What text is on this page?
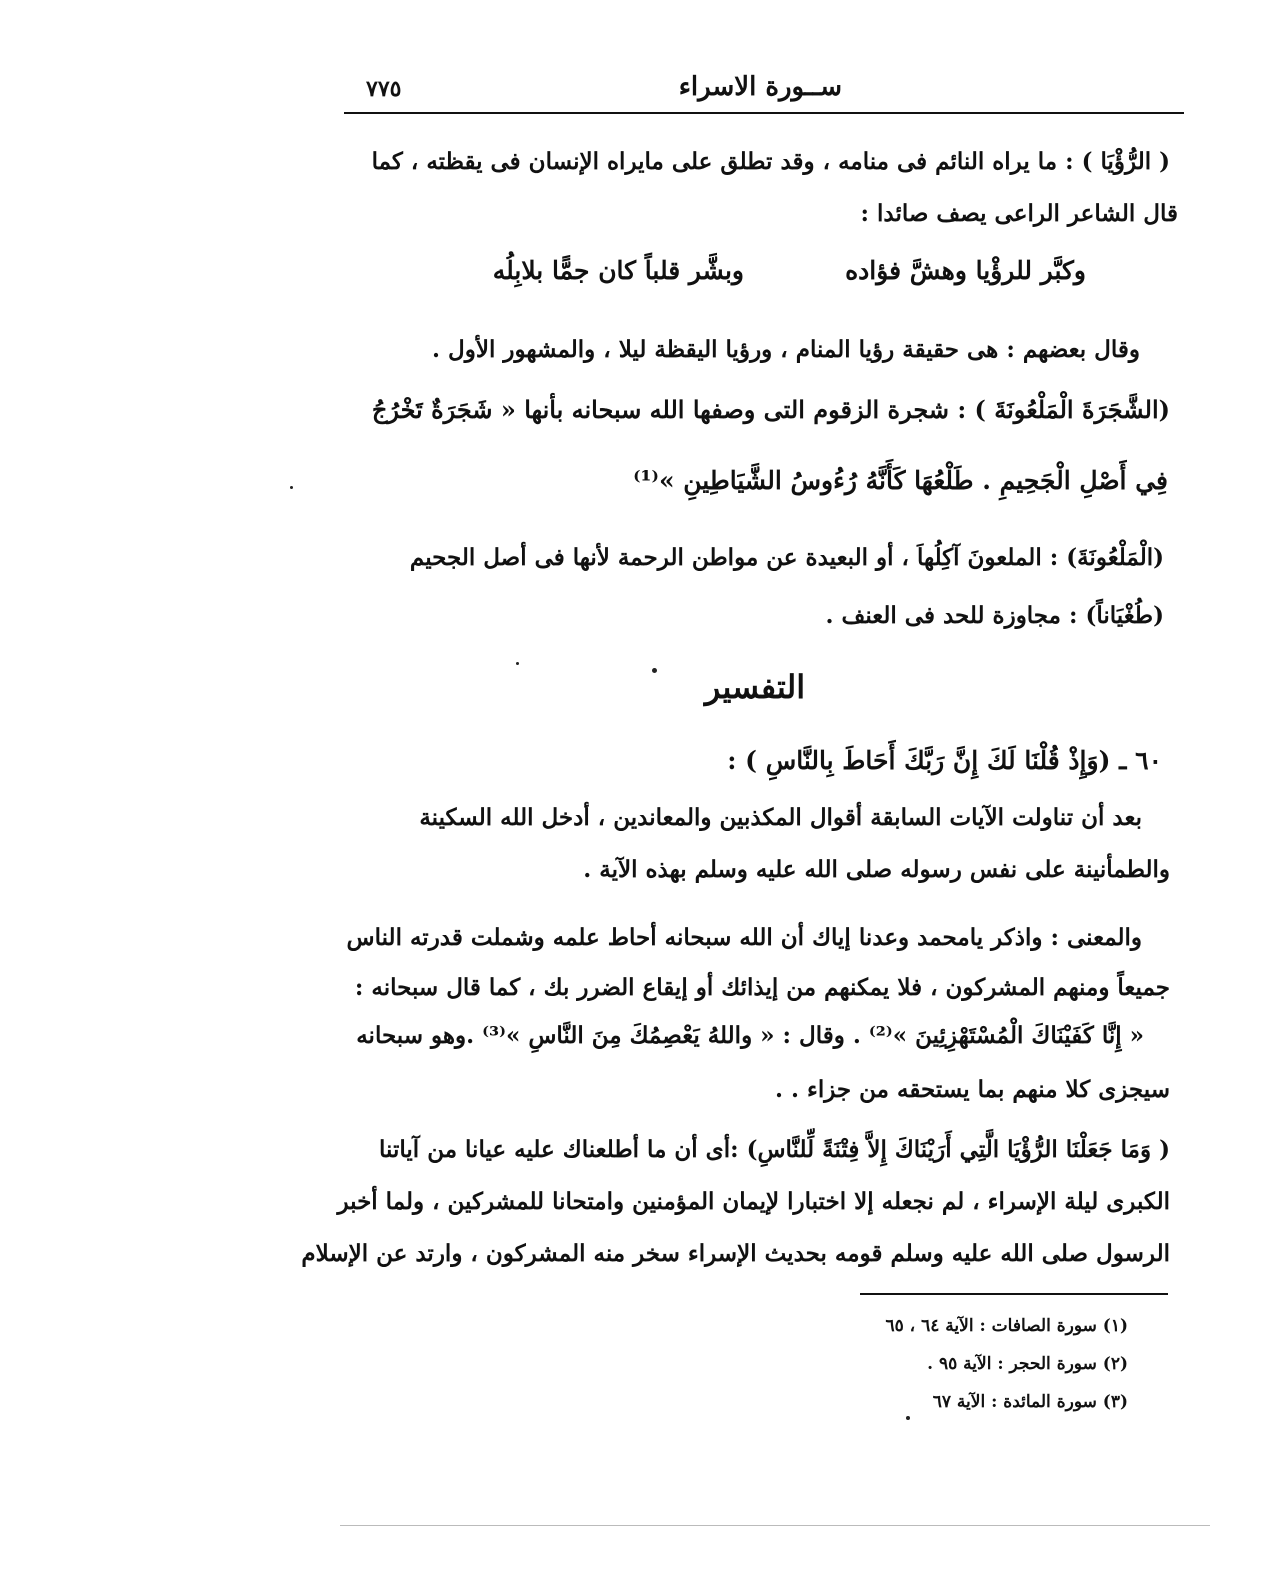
٧٧٥	ســورة الاسراء
( الرُّؤْيَا ) : ما يراه النائم فى منامه ، وقد تطلق على مايراه الإنسان فى يقظته ، كما
قال الشاعر الراعى يصف صائدا :
وكبَّر للرؤْيا وهشَّ فؤاده
وبشَّر قلباً كان جمًّا بلابِلُه
وقال بعضهم : هى حقيقة رؤيا المنام ، ورؤيا اليقظة ليلا ، والمشهور الأول .
(الشَّجَرَةَ الْمَلْعُونَةَ ) : شجرة الزقوم التى وصفها الله سبحانه بأنها « شَجَرَةٌ تَخْرُجُ
فِي أَصْلِ الْجَحِيمِ . طَلْعُهَا كَأَنَّهُ رُءُوسُ الشَّيَاطِينِ »⁽¹⁾
(الْمَلْعُونَةَ) : الملعونَ آكِلُهاَ ، أو البعيدة عن مواطن الرحمة لأنها فى أصل الجحيم
(طُغْيَاناً) : مجاوزة للحد فى العنف .
التفسير
٦٠ ـ (وَإِذْ قُلْنَا لَكَ إِنَّ رَبَّكَ أَحَاطَ بِالنَّاسِ ) :
بعد أن تناولت الآيات السابقة أقوال المكذبين والمعاندين ، أدخل الله السكينة
والطمأنينة على نفس رسوله صلى الله عليه وسلم بهذه الآية .
والمعنى : واذكر يامحمد وعدنا إياك أن الله سبحانه أحاط علمه وشملت قدرته الناس
جميعاً ومنهم المشركون ، فلا يمكنهم من إيذائك أو إيقاع الضرر بك ، كما قال سبحانه :
« إِنَّا كَفَيْنَاكَ الْمُسْتَهْزِئِينَ »⁽²⁾ . وقال : « واللهُ يَعْصِمُكَ مِنَ النَّاسِ »⁽³⁾ .وهو سبحانه
سيجزى كلا منهم بما يستحقه من جزاء . .
( وَمَا جَعَلْنَا الرُّؤْيَا الَّتِي أَرَيْنَاكَ إِلاَّ فِتْنَةً لِّلنَّاسِ) :أى أن ما أطلعناك عليه عيانا من آياتنا
الكبرى ليلة الإسراء ، لم نجعله إلا اختبارا لإيمان المؤمنين وامتحانا للمشركين ، ولما أخبر
الرسول صلى الله عليه وسلم قومه بحديث الإسراء سخر منه المشركون ، وارتد عن الإسلام
(١) سورة الصافات : الآية ٦٤ ، ٦٥
(٢) سورة الحجر : الآية ٩٥ .
(٣) سورة المائدة : الآية ٦٧
